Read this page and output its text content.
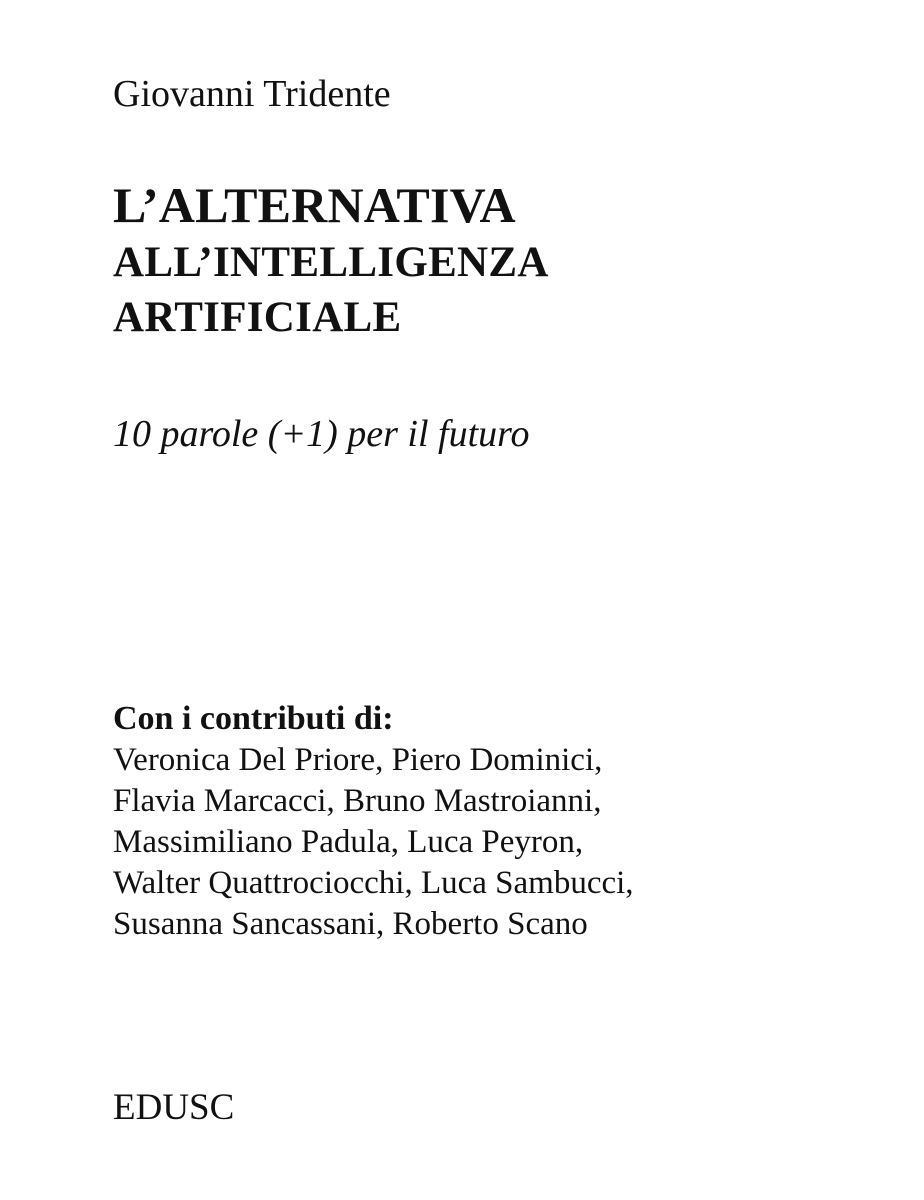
Giovanni Tridente
L’ALTERNATIVA
ALL’INTELLIGENZA
ARTIFICIALE
10 parole (+1) per il futuro
Con i contributi di:
Veronica Del Priore, Piero Dominici,
Flavia Marcacci, Bruno Mastroianni,
Massimiliano Padula, Luca Peyron,
Walter Quattrociocchi, Luca Sambucci,
Susanna Sancassani, Roberto Scano
EDUSC
